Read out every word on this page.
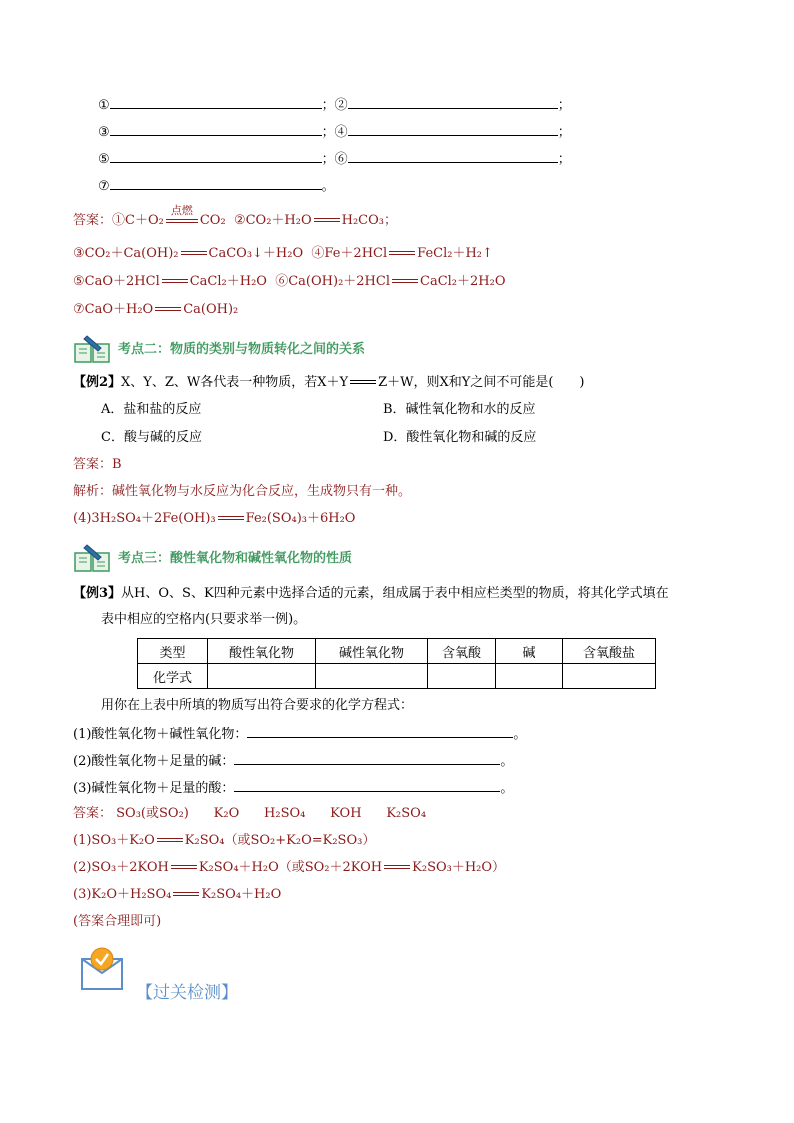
①	；②	；
③	；④	；
⑤	；⑥	；
⑦	。
答案：①C＋O₂
点燃
CO₂ ②CO₂＋H₂O H₂CO₃；
③CO₂＋Ca(OH)₂ CaCO₃↓＋H₂O ④Fe＋2HCl FeCl₂＋H₂↑
⑤CaO＋2HCl CaCl₂＋H₂O ⑥Ca(OH)₂＋2HCl CaCl₂＋2H₂O
⑦CaO＋H₂O Ca(OH)₂
考点二：物质的类别与物质转化之间的关系
【例2】X、Y、Z、W各代表一种物质，若X＋Y Z＋W，则X和Y之间不可能是(　　)
A．盐和盐的反应	B．碱性氧化物和水的反应
C．酸与碱的反应	D．酸性氧化物和碱的反应
答案：B
解析：碱性氧化物与水反应为化合反应，生成物只有一种。
(4)3H₂SO₄＋2Fe(OH)₃ Fe₂(SO₄)₃＋6H₂O
考点三：酸性氧化物和碱性氧化物的性质
【例3】从H、O、S、K四种元素中选择合适的元素，组成属于表中相应栏类型的物质，将其化学式填在
表中相应的空格内(只要求举一例)。
类型	酸性氧化物	碱性氧化物	含氧酸	碱	含氧酸盐
化学式					
用你在上表中所填的物质写出符合要求的化学方程式：
(1)酸性氧化物＋碱性氧化物：	。
(2)酸性氧化物＋足量的碱：	。
(3)碱性氧化物＋足量的酸：	。
答案： SO₃(或SO₂) K₂O H₂SO₄ KOH K₂SO₄
(1)SO₃＋K₂O K₂SO₄（或SO₂+K₂O=K₂SO₃）
(2)SO₃＋2KOH K₂SO₄＋H₂O（或SO₂＋2KOH K₂SO₃＋H₂O）
(3)K₂O＋H₂SO₄ K₂SO₄＋H₂O
(答案合理即可)
【过关检测】
